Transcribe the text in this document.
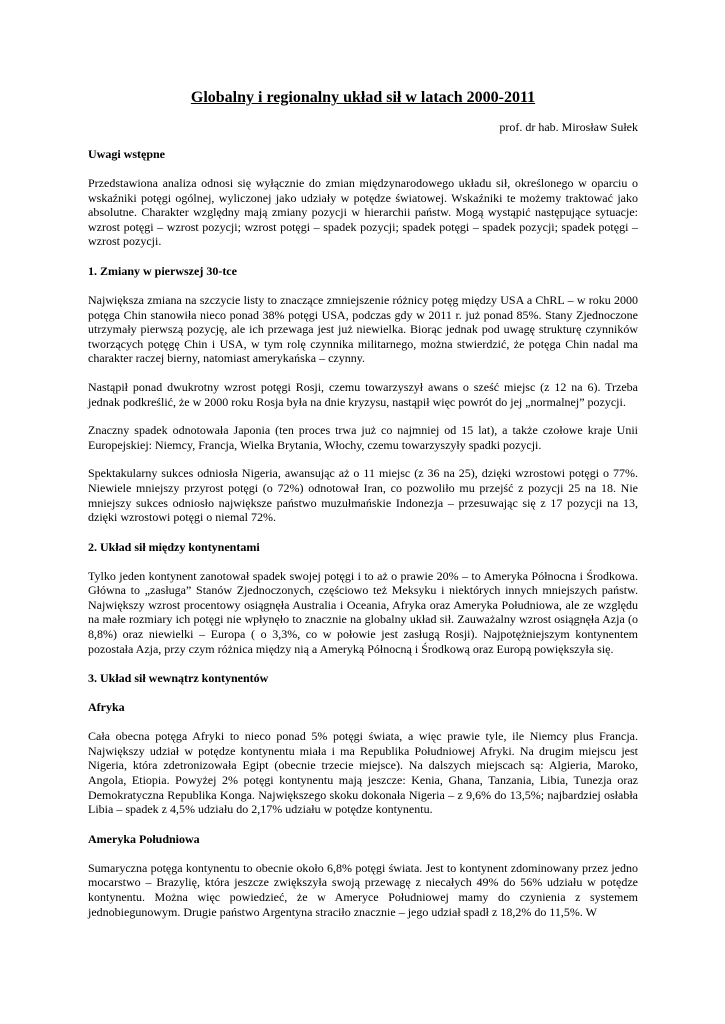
Globalny i regionalny układ sił w latach 2000-2011
prof. dr hab. Mirosław Sułek
Uwagi wstępne

Przedstawiona analiza odnosi się wyłącznie do zmian międzynarodowego układu sił, określonego w oparciu o wskaźniki potęgi ogólnej, wyliczonej jako udziały w potędze światowej. Wskaźniki te możemy traktować jako absolutne. Charakter względny mają zmiany pozycji w hierarchii państw. Mogą wystąpić następujące sytuacje: wzrost potęgi – wzrost pozycji; wzrost potęgi – spadek pozycji; spadek potęgi – spadek pozycji; spadek potęgi – wzrost pozycji.

1. Zmiany w pierwszej 30-tce

Największa zmiana na szczycie listy to znaczące zmniejszenie różnicy potęg między USA a ChRL – w roku 2000 potęga Chin stanowiła nieco ponad 38% potęgi USA, podczas gdy w 2011 r. już ponad 85%. Stany Zjednoczone utrzymały pierwszą pozycję, ale ich przewaga jest już niewielka. Biorąc jednak pod uwagę strukturę czynników tworzących potęgę Chin i USA, w tym rolę czynnika militarnego, można stwierdzić, że potęga Chin nadal ma charakter raczej bierny, natomiast amerykańska – czynny.

Nastąpił ponad dwukrotny wzrost potęgi Rosji, czemu towarzyszył awans o sześć miejsc (z 12 na 6). Trzeba jednak podkreślić, że w 2000 roku Rosja była na dnie kryzysu, nastąpił więc powrót do jej „normalnej” pozycji.

Znaczny spadek odnotowała Japonia (ten proces trwa już co najmniej od 15 lat), a także czołowe kraje Unii Europejskiej: Niemcy, Francja, Wielka Brytania, Włochy, czemu towarzyszyły spadki pozycji.

Spektakularny sukces odniosła Nigeria, awansując aż o 11 miejsc (z 36 na 25), dzięki wzrostowi potęgi o 77%. Niewiele mniejszy przyrost potęgi (o 72%) odnotował Iran, co pozwoliło mu przejść z pozycji 25 na 18. Nie mniejszy sukces odniosło największe państwo muzułmańskie Indonezja – przesuwając się z 17 pozycji na 13, dzięki wzrostowi potęgi o niemal 72%.

2. Układ sił między kontynentami

Tylko jeden kontynent zanotował spadek swojej potęgi i to aż o prawie 20% – to Ameryka Północna i Środkowa. Główna to „zasługa” Stanów Zjednoczonych, częściowo też Meksyku i niektórych innych mniejszych państw. Największy wzrost procentowy osiągnęła Australia i Oceania, Afryka oraz Ameryka Południowa, ale ze względu na małe rozmiary ich potęgi nie wpłynęło to znacznie na globalny układ sił. Zauważalny wzrost osiągnęła Azja (o 8,8%) oraz niewielki – Europa ( o 3,3%, co w połowie jest zasługą Rosji). Najpotężniejszym kontynentem pozostała Azja, przy czym różnica między nią a Ameryką Północną i Środkową oraz Europą powiększyła się.

3. Układ sił wewnątrz kontynentów
Afryka

Cała obecna potęga Afryki to nieco ponad 5% potęgi świata, a więc prawie tyle, ile Niemcy plus Francja. Największy udział w potędze kontynentu miała i ma Republika Południowej Afryki. Na drugim miejscu jest Nigeria, która zdetronizowała Egipt (obecnie trzecie miejsce). Na dalszych miejscach są: Algieria, Maroko, Angola, Etiopia. Powyżej 2% potęgi kontynentu mają jeszcze: Kenia, Ghana, Tanzania, Libia, Tunezja oraz Demokratyczna Republika Konga. Największego skoku dokonała Nigeria – z 9,6% do 13,5%; najbardziej osłabła Libia – spadek z 4,5% udziału do 2,17% udziału w potędze kontynentu.

Ameryka Południowa

Sumaryczna potęga kontynentu to obecnie około 6,8% potęgi świata. Jest to kontynent zdominowany przez jedno mocarstwo – Brazylię, która jeszcze zwiększyła swoją przewagę z niecałych 49% do 56% udziału w potędze kontynentu. Można więc powiedzieć, że w Ameryce Południowej mamy do czynienia z systemem jednobiegunowym. Drugie państwo Argentyna straciło znacznie – jego udział spadł z 18,2% do 11,5%. W
